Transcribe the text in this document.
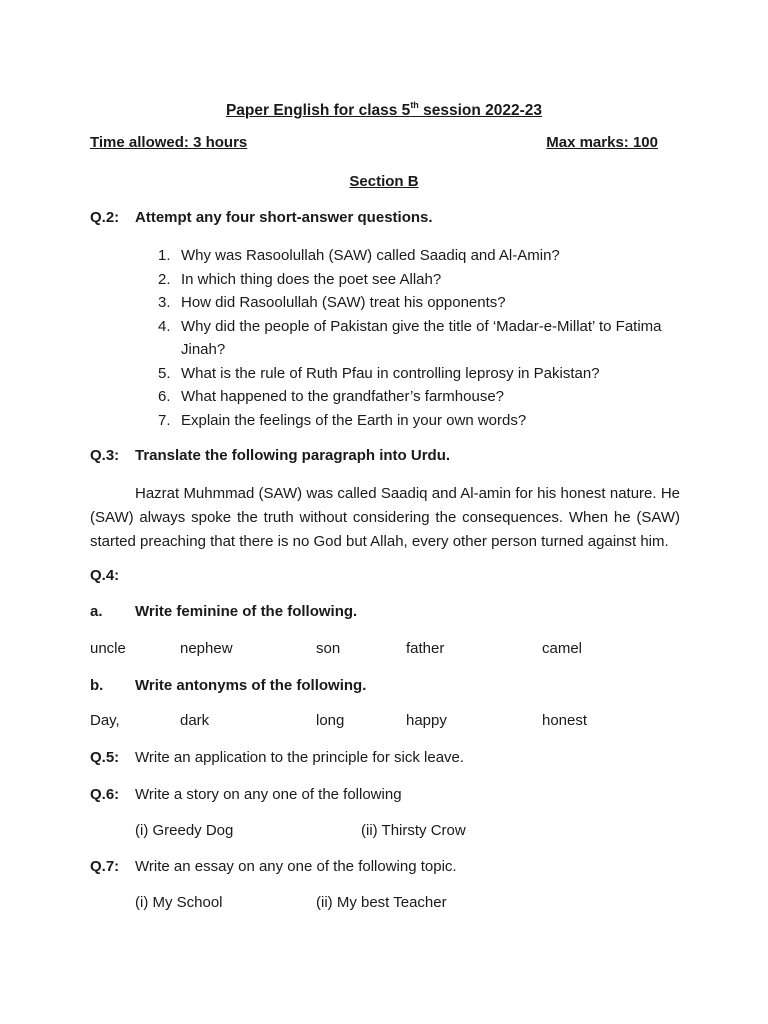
Paper English for class 5th session 2022-23
Time allowed: 3 hours	Max marks: 100
Section B
Q.2: Attempt any four short-answer questions.
1. Why was Rasoolullah (SAW) called Saadiq and Al-Amin?
2. In which thing does the poet see Allah?
3. How did Rasoolullah (SAW) treat his opponents?
4. Why did the people of Pakistan give the title of ‘Madar-e-Millat’ to Fatima Jinah?
5. What is the rule of Ruth Pfau in controlling leprosy in Pakistan?
6. What happened to the grandfather’s farmhouse?
7. Explain the feelings of the Earth in your own words?
Q.3: Translate the following paragraph into Urdu.
Hazrat Muhmmad (SAW) was called Saadiq and Al-amin for his honest nature. He (SAW) always spoke the truth without considering the consequences. When he (SAW) started preaching that there is no God but Allah, every other person turned against him.
Q.4:
a. Write feminine of the following.
uncle	nephew	son	father	camel
b. Write antonyms of the following.
Day,	dark	long	happy	honest
Q.5: Write an application to the principle for sick leave.
Q.6: Write a story on any one of the following
(i) Greedy Dog	(ii) Thirsty Crow
Q.7: Write an essay on any one of the following topic.
(i) My School	(ii) My best Teacher
